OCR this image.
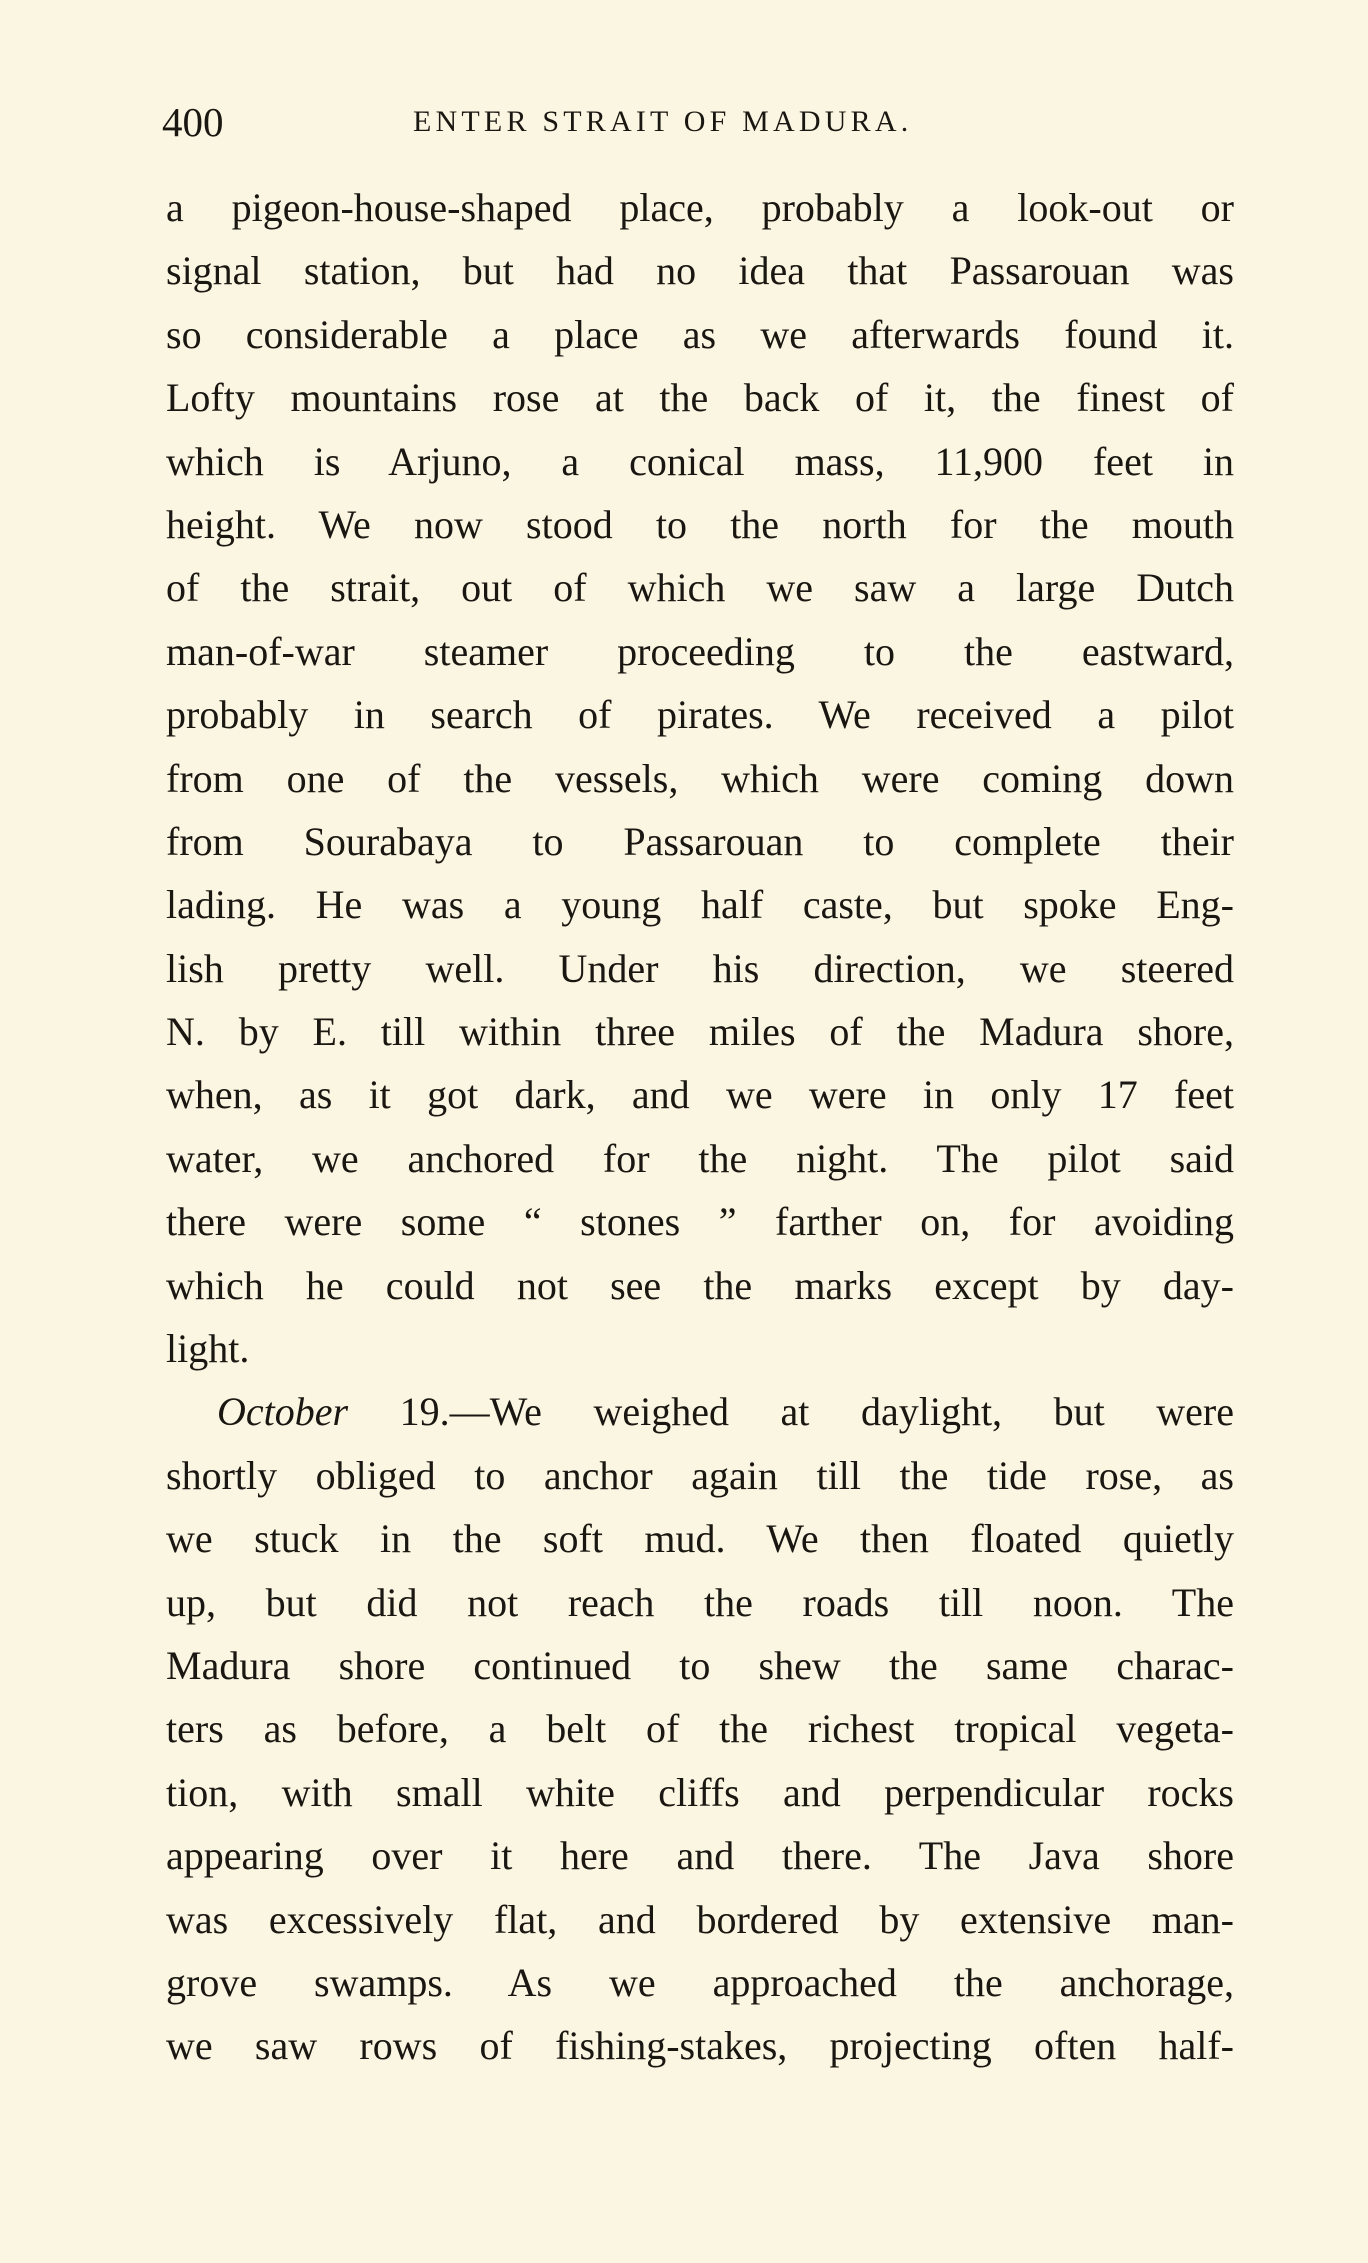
400	ENTER STRAIT OF MADURA.
a pigeon-house-shaped place, probably a look-out or
signal station, but had no idea that Passarouan was
so considerable a place as we afterwards found it.
Lofty mountains rose at the back of it, the finest of
which is Arjuno, a conical mass, 11,900 feet in
height. We now stood to the north for the mouth
of the strait, out of which we saw a large Dutch
man-of-war steamer proceeding to the eastward,
probably in search of pirates. We received a pilot
from one of the vessels, which were coming down
from Sourabaya to Passarouan to complete their
lading. He was a young half caste, but spoke Eng-
lish pretty well. Under his direction, we steered
N. by E. till within three miles of the Madura shore,
when, as it got dark, and we were in only 17 feet
water, we anchored for the night. The pilot said
there were some “ stones ” farther on, for avoiding
which he could not see the marks except by day-
light.
October 19.—We weighed at daylight, but were
shortly obliged to anchor again till the tide rose, as
we stuck in the soft mud. We then floated quietly
up, but did not reach the roads till noon. The
Madura shore continued to shew the same charac-
ters as before, a belt of the richest tropical vegeta-
tion, with small white cliffs and perpendicular rocks
appearing over it here and there. The Java shore
was excessively flat, and bordered by extensive man-
grove swamps. As we approached the anchorage,
we saw rows of fishing-stakes, projecting often half-
